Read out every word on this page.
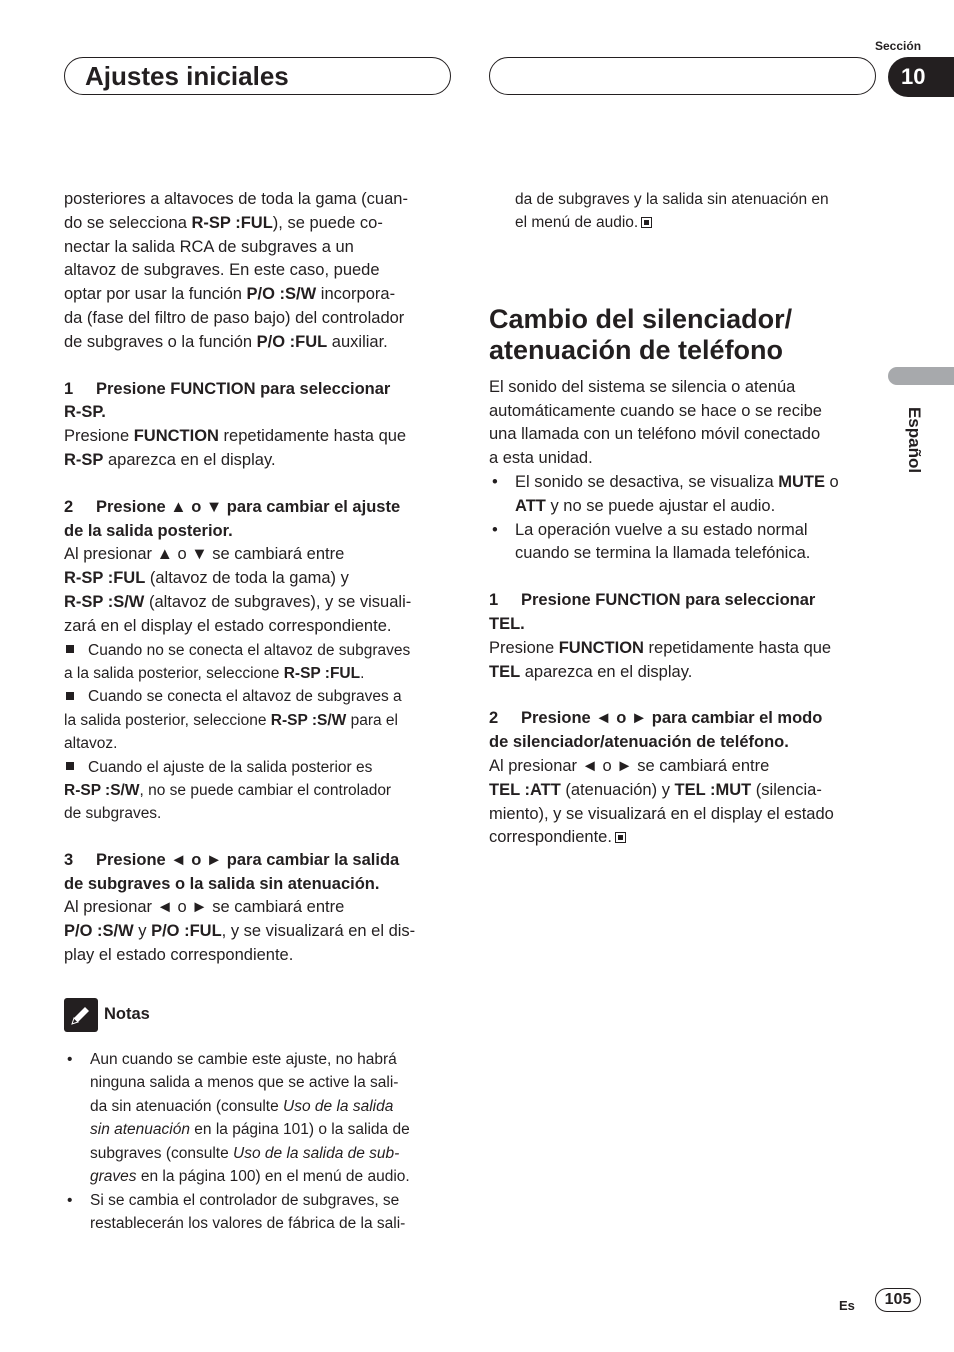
Ajustes iniciales
Sección
10
Español

posteriores a altavoces de toda la gama (cuan-
do se selecciona R-SP :FUL), se puede co-
nectar la salida RCA de subgraves a un
altavoz de subgraves. En este caso, puede
optar por usar la función P/O :S/W incorpora-
da (fase del filtro de paso bajo) del controlador
de subgraves o la función P/O :FUL auxiliar.

1 Presione FUNCTION para seleccionar
R-SP.

Presione FUNCTION repetidamente hasta que
R-SP aparezca en el display.

2 Presione ▲ o ▼ para cambiar el ajuste
de la salida posterior.

Al presionar ▲ o ▼ se cambiará entre
R-SP :FUL (altavoz de toda la gama) y
R-SP :S/W (altavoz de subgraves), y se visuali-
zará en el display el estado correspondiente.

Cuando no se conecta el altavoz de subgraves
a la salida posterior, seleccione R-SP :FUL.

Cuando se conecta el altavoz de subgraves a
la salida posterior, seleccione R-SP :S/W para el
altavoz.

Cuando el ajuste de la salida posterior es
R-SP :S/W, no se puede cambiar el controlador
de subgraves.

3 Presione ◄ o ► para cambiar la salida
de subgraves o la salida sin atenuación.

Al presionar ◄ o ► se cambiará entre
P/O :S/W y P/O :FUL, y se visualizará en el dis-
play el estado correspondiente.

Notas

• Aun cuando se cambie este ajuste, no habrá
ninguna salida a menos que se active la sali-
da sin atenuación (consulte Uso de la salida
sin atenuación en la página 101) o la salida de
subgraves (consulte Uso de la salida de sub-
graves en la página 100) en el menú de audio.

• Si se cambia el controlador de subgraves, se
restablecerán los valores de fábrica de la sali-

da de subgraves y la salida sin atenuación en
el menú de audio.

Cambio del silenciador/
atenuación de teléfono

El sonido del sistema se silencia o atenúa
automáticamente cuando se hace o se recibe
una llamada con un teléfono móvil conectado
a esta unidad.

• El sonido se desactiva, se visualiza MUTE o
ATT y no se puede ajustar el audio.

• La operación vuelve a su estado normal
cuando se termina la llamada telefónica.

1 Presione FUNCTION para seleccionar
TEL.

Presione FUNCTION repetidamente hasta que
TEL aparezca en el display.

2 Presione ◄ o ► para cambiar el modo
de silenciador/atenuación de teléfono.

Al presionar ◄ o ► se cambiará entre
TEL :ATT (atenuación) y TEL :MUT (silencia-
miento), y se visualizará en el display el estado
correspondiente.

Es	105
